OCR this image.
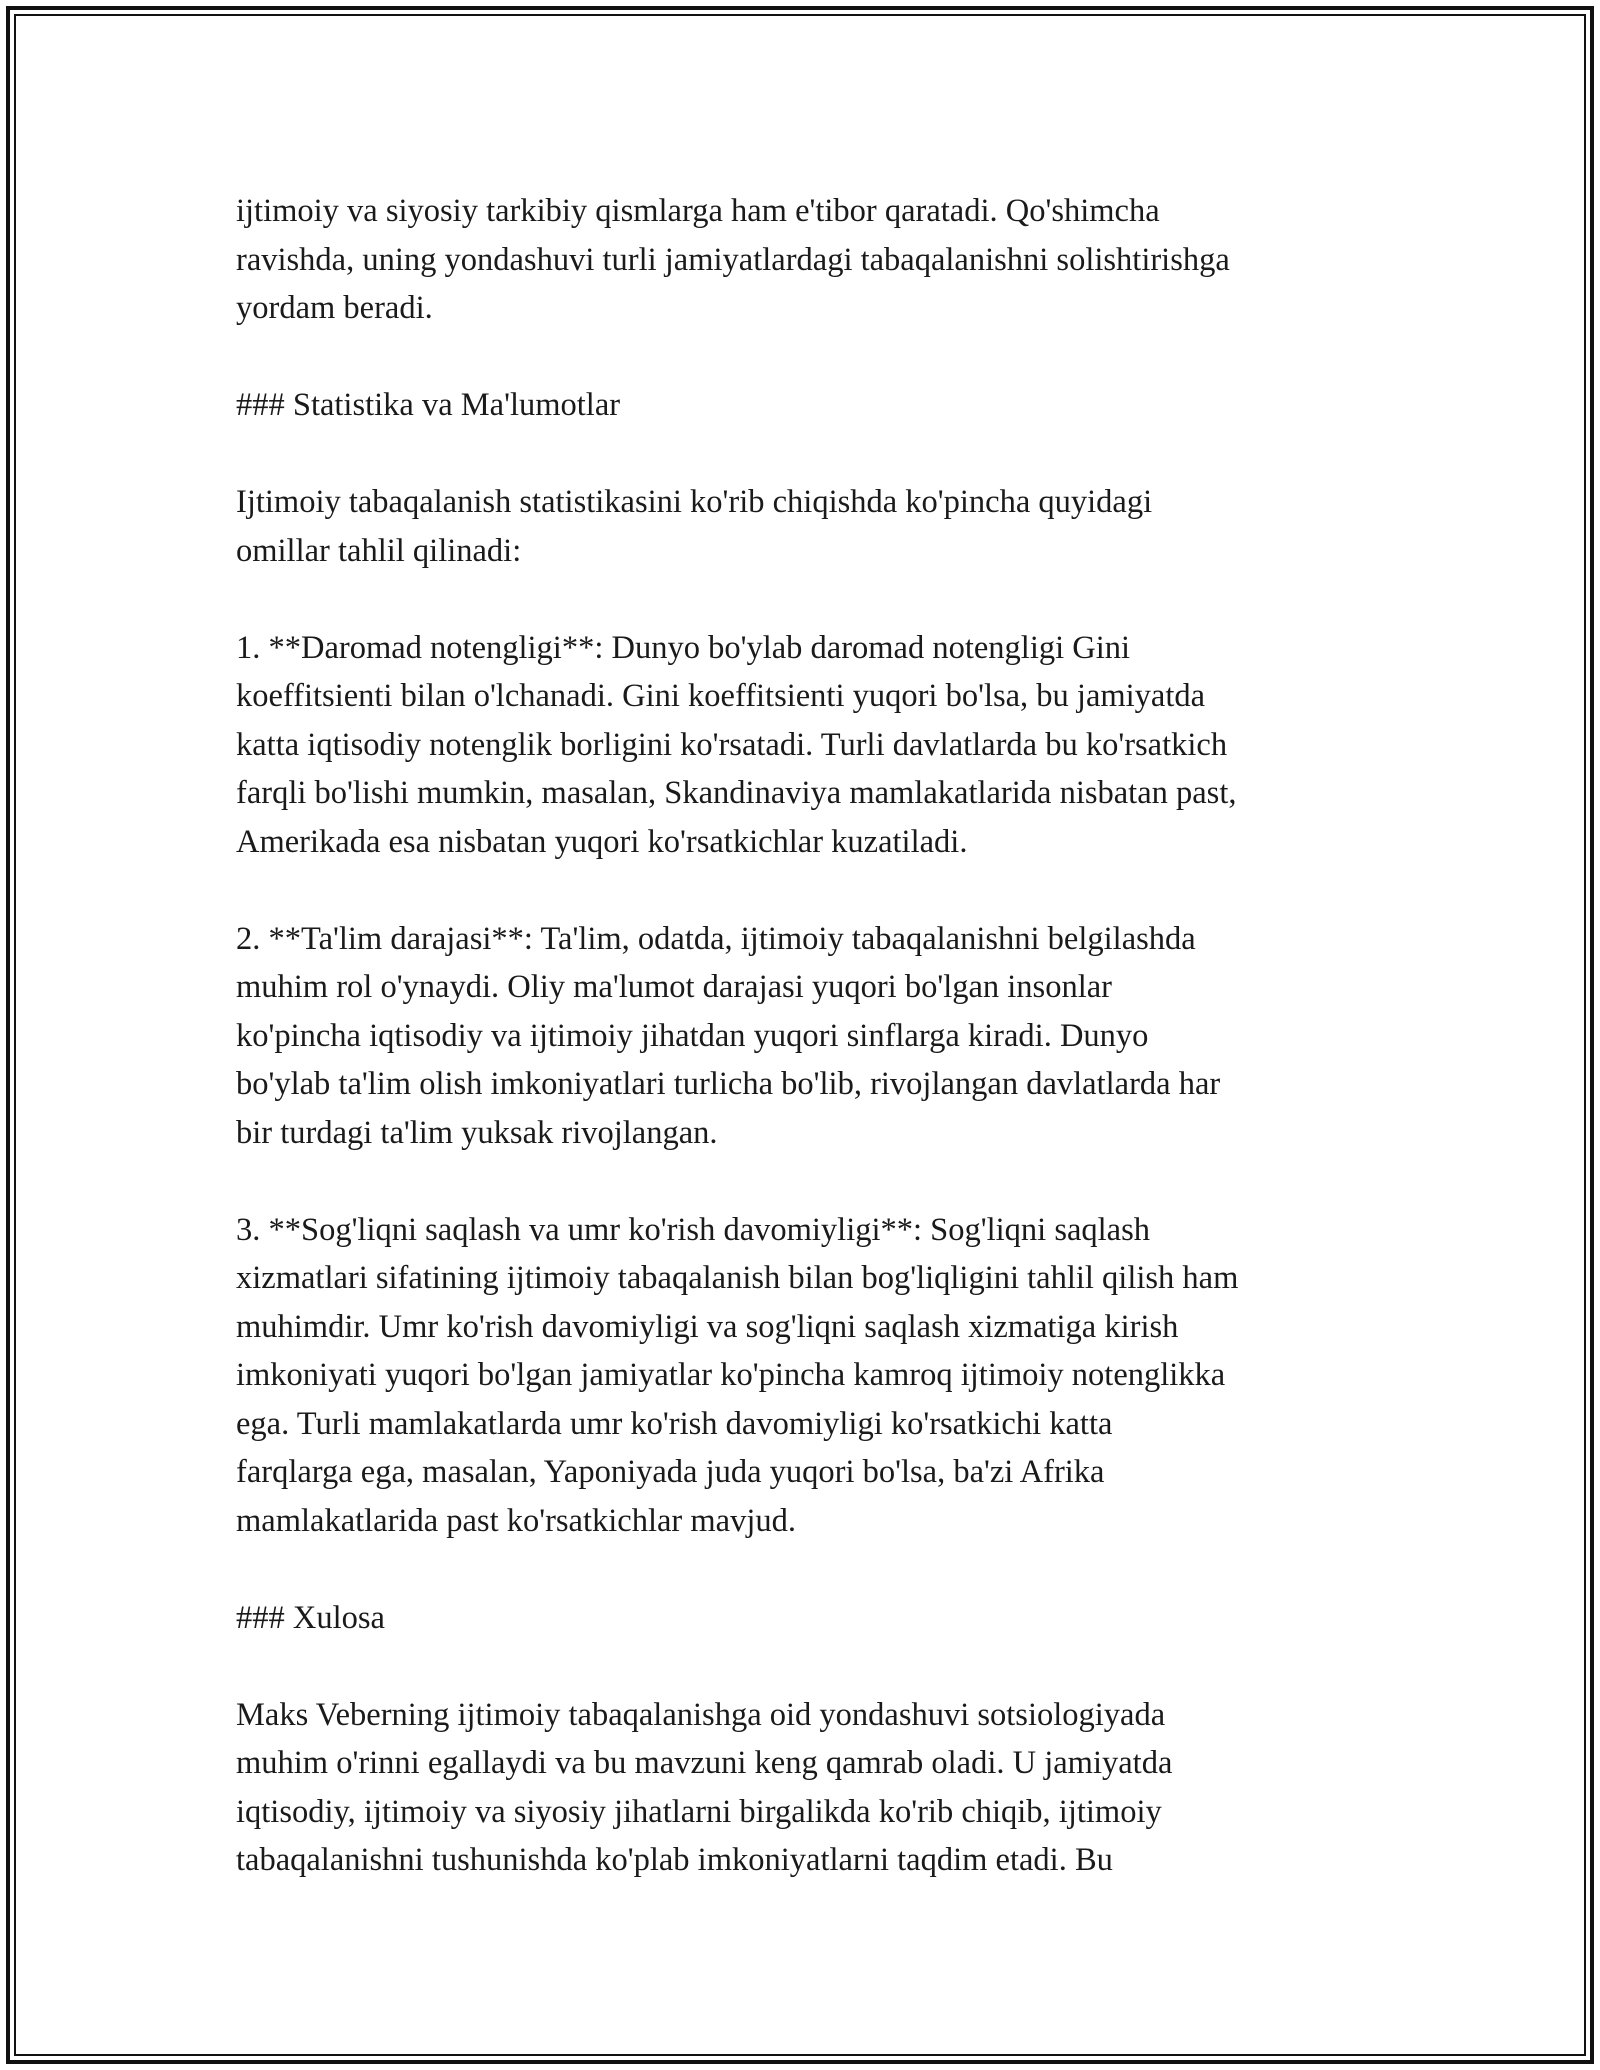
ijtimoiy va siyosiy tarkibiy qismlarga ham e'tibor qaratadi. Qo'shimcha
ravishda, uning yondashuvi turli jamiyatlardagi tabaqalanishni solishtirishga
yordam beradi.

### Statistika va Ma'lumotlar

Ijtimoiy tabaqalanish statistikasini ko'rib chiqishda ko'pincha quyidagi
omillar tahlil qilinadi:

1. **Daromad notengligi**: Dunyo bo'ylab daromad notengligi Gini
koeffitsienti bilan o'lchanadi. Gini koeffitsienti yuqori bo'lsa, bu jamiyatda
katta iqtisodiy notenglik borligini ko'rsatadi. Turli davlatlarda bu ko'rsatkich
farqli bo'lishi mumkin, masalan, Skandinaviya mamlakatlarida nisbatan past,
Amerikada esa nisbatan yuqori ko'rsatkichlar kuzatiladi.

2. **Ta'lim darajasi**: Ta'lim, odatda, ijtimoiy tabaqalanishni belgilashda
muhim rol o'ynaydi. Oliy ma'lumot darajasi yuqori bo'lgan insonlar
ko'pincha iqtisodiy va ijtimoiy jihatdan yuqori sinflarga kiradi. Dunyo
bo'ylab ta'lim olish imkoniyatlari turlicha bo'lib, rivojlangan davlatlarda har
bir turdagi ta'lim yuksak rivojlangan.

3. **Sog'liqni saqlash va umr ko'rish davomiyligi**: Sog'liqni saqlash
xizmatlari sifatining ijtimoiy tabaqalanish bilan bog'liqligini tahlil qilish ham
muhimdir. Umr ko'rish davomiyligi va sog'liqni saqlash xizmatiga kirish
imkoniyati yuqori bo'lgan jamiyatlar ko'pincha kamroq ijtimoiy notenglikka
ega. Turli mamlakatlarda umr ko'rish davomiyligi ko'rsatkichi katta
farqlarga ega, masalan, Yaponiyada juda yuqori bo'lsa, ba'zi Afrika
mamlakatlarida past ko'rsatkichlar mavjud.

### Xulosa

Maks Veberning ijtimoiy tabaqalanishga oid yondashuvi sotsiologiyada
muhim o'rinni egallaydi va bu mavzuni keng qamrab oladi. U jamiyatda
iqtisodiy, ijtimoiy va siyosiy jihatlarni birgalikda ko'rib chiqib, ijtimoiy
tabaqalanishni tushunishda ko'plab imkoniyatlarni taqdim etadi. Bu
